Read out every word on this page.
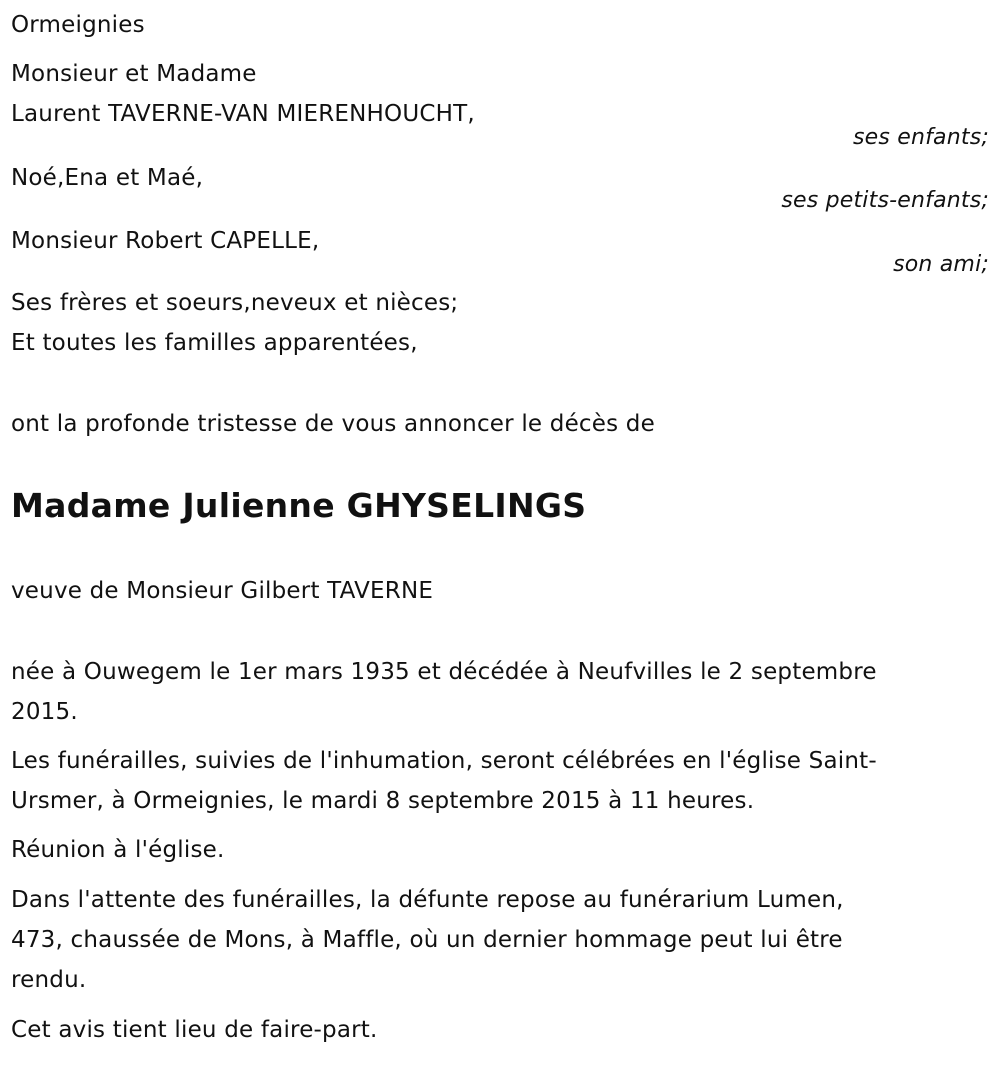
Ormeignies
Monsieur et Madame
Laurent TAVERNE-VAN MIERENHOUCHT,
ses enfants;
Noé,Ena et Maé,
ses petits-enfants;
Monsieur Robert CAPELLE,
son ami;
Ses frères et soeurs,neveux et nièces;
Et toutes les familles apparentées,
ont la profonde tristesse de vous annoncer le décès de
Madame Julienne GHYSELINGS
veuve de Monsieur Gilbert TAVERNE
née à Ouwegem le 1er mars 1935 et décédée à Neufvilles le 2 septembre
2015.
Les funérailles, suivies de l'inhumation, seront célébrées en l'église Saint-
Ursmer, à Ormeignies, le mardi 8 septembre 2015 à 11 heures.
Réunion à l'église.
Dans l'attente des funérailles, la défunte repose au funérarium Lumen,
473, chaussée de Mons, à Maffle, où un dernier hommage peut lui être
rendu.
Cet avis tient lieu de faire-part.
